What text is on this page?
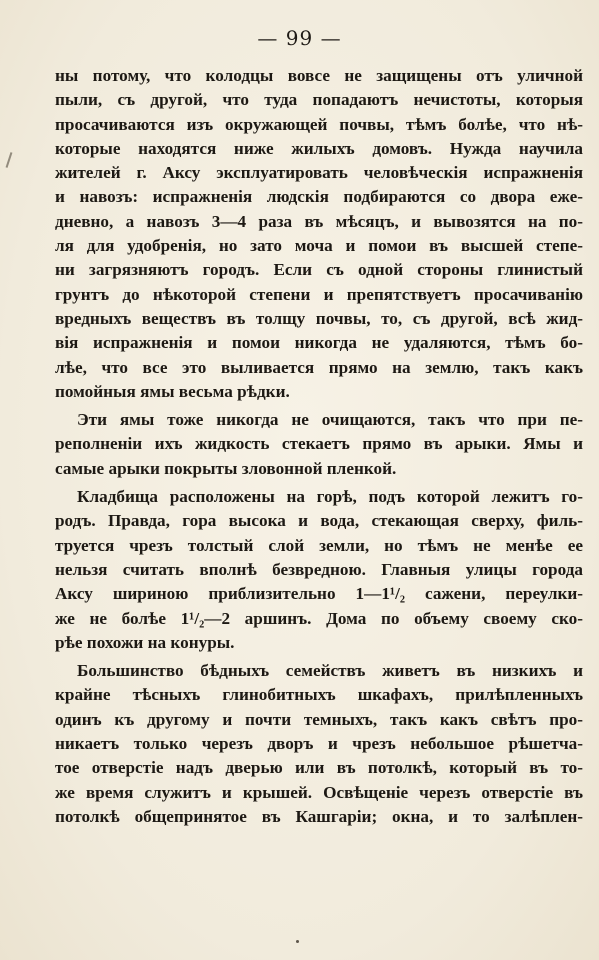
— 99 —
ны потому, что колодцы вовсе не защищены отъ уличной
пыли, съ другой, что туда попадаютъ нечистоты, которыя
просачиваются изъ окружающей почвы, тѣмъ болѣе, что нѣ-
которые находятся ниже жилыхъ домовъ. Нужда научила
жителей г. Аксу эксплуатировать человѣческія испражненія
и навозъ: испражненія людскія подбираются со двора еже-
дневно, а навозъ 3—4 раза въ мѣсяцъ, и вывозятся на по-
ля для удобренія, но зато моча и помои въ высшей степе-
ни загрязняютъ городъ. Если съ одной стороны глинистый
грунтъ до нѣкоторой степени и препятствуетъ просачиванію
вредныхъ веществъ въ толщу почвы, то, съ другой, всѣ жид-
вія испражненія и помои никогда не удаляются, тѣмъ бо-
лѣе, что все это выливается прямо на землю, такъ какъ
помойныя ямы весьма рѣдки.
Эти ямы тоже никогда не очищаются, такъ что при пе-
реполненіи ихъ жидкость стекаетъ прямо въ арыки. Ямы и
самые арыки покрыты зловонной пленкой.
Кладбища расположены на горѣ, подъ которой лежитъ го-
родъ. Правда, гора высока и вода, стекающая сверху, филь-
труется чрезъ толстый слой земли, но тѣмъ не менѣе ее
нельзя считать вполнѣ безвредною. Главныя улицы города
Аксу шириною приблизительно 1—1¹/₂ сажени, переулки-
же не болѣе 1¹/₂—2 аршинъ. Дома по объему своему ско-
рѣе похожи на конуры.
Большинство бѣдныхъ семействъ живетъ въ низкихъ и
крайне тѣсныхъ глинобитныхъ шкафахъ, прилѣпленныхъ
одинъ къ другому и почти темныхъ, такъ какъ свѣтъ про-
никаетъ только черезъ дворъ и чрезъ небольшое рѣшетча-
тое отверстіе надъ дверью или въ потолкѣ, который въ то-
же время служитъ и крышей. Освѣщеніе черезъ отверстіе въ
потолкѣ общепринятое въ Кашгаріи; окна, и то залѣплен-
